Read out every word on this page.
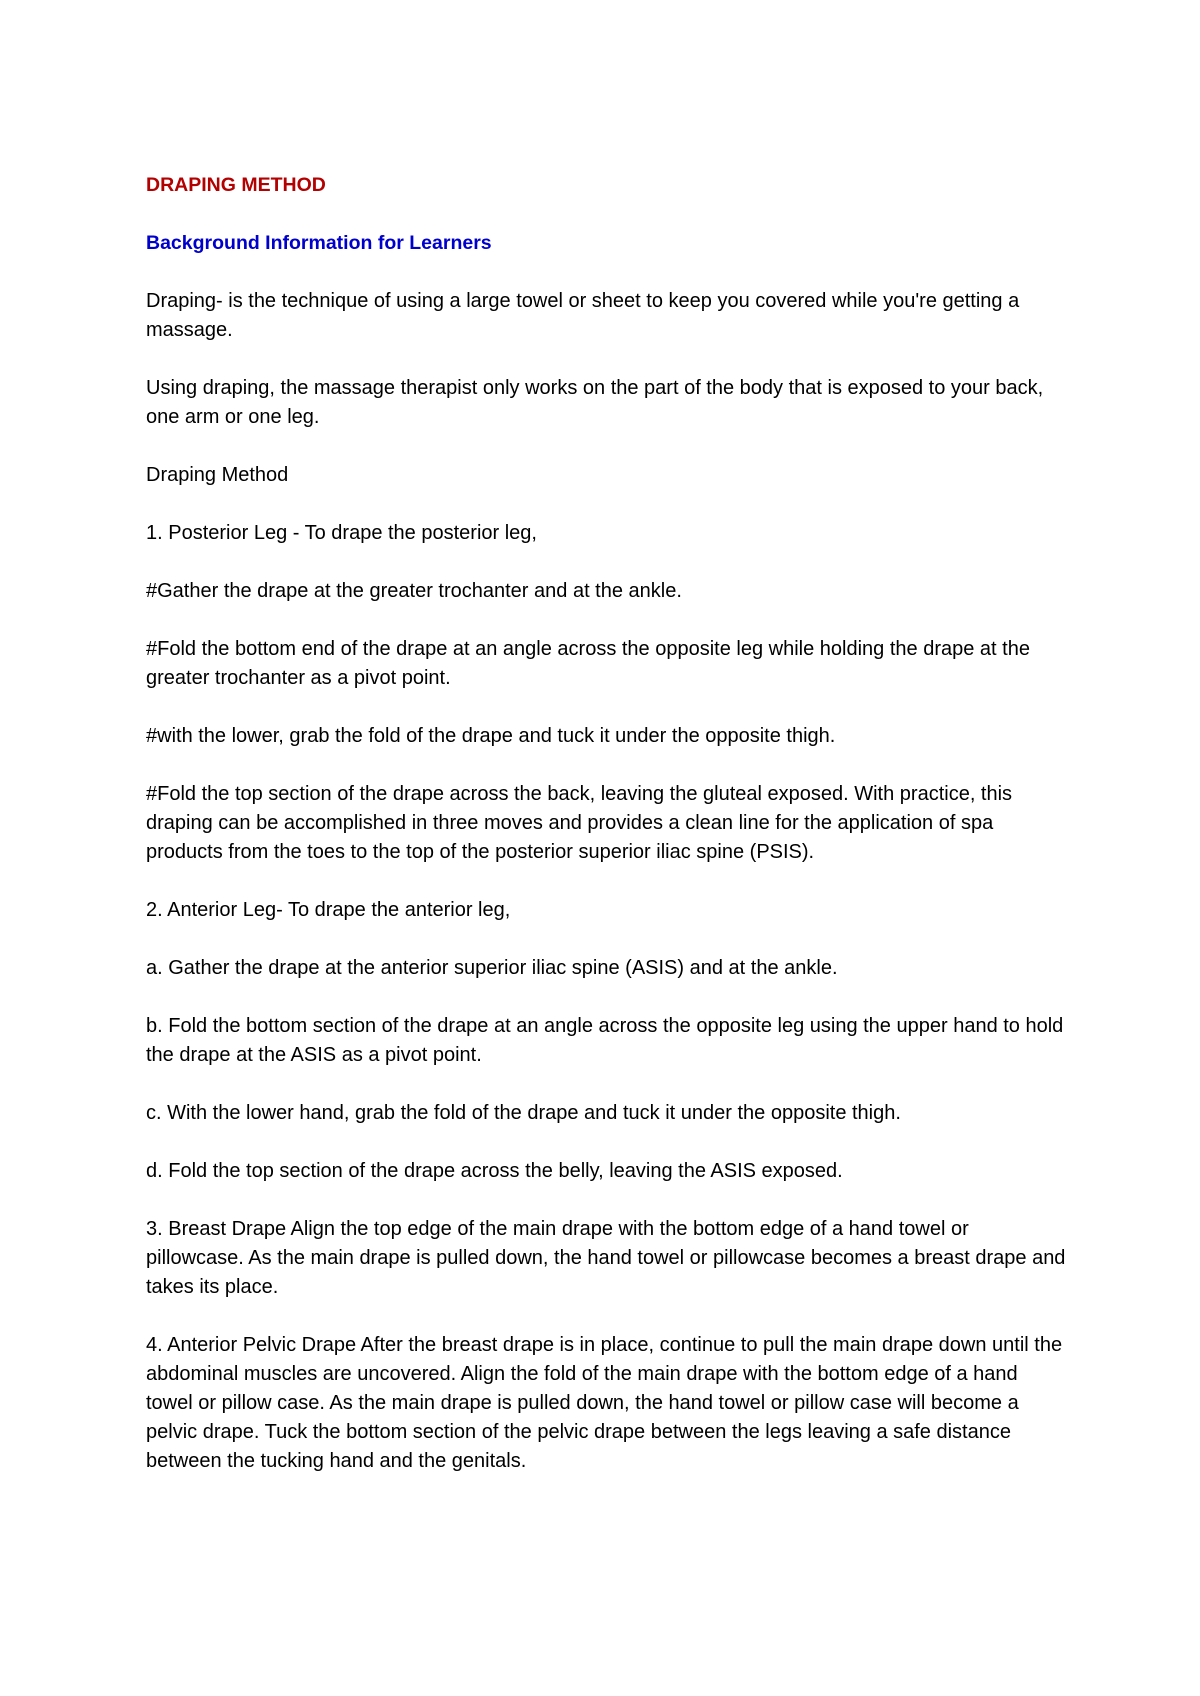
DRAPING METHOD
Background Information for Learners
Draping- is the technique of using a large towel or sheet to keep you covered while you're getting a massage.
Using draping, the massage therapist only works on the part of the body that is exposed to your back, one arm or one leg.
Draping Method
1. Posterior Leg - To drape the posterior leg,
#Gather the drape at the greater trochanter and at the ankle.
#Fold the bottom end of the drape at an angle across the opposite leg while holding the drape at the greater trochanter as a pivot point.
#with the lower, grab the fold of the drape and tuck it under the opposite thigh.
#Fold the top section of the drape across the back, leaving the gluteal exposed. With practice, this draping can be accomplished in three moves and provides a clean line for the application of spa products from the toes to the top of the posterior superior iliac spine (PSIS).
2. Anterior Leg- To drape the anterior leg,
a. Gather the drape at the anterior superior iliac spine (ASIS) and at the ankle.
b. Fold the bottom section of the drape at an angle across the opposite leg using the upper hand to hold the drape at the ASIS as a pivot point.
c. With the lower hand, grab the fold of the drape and tuck it under the opposite thigh.
d. Fold the top section of the drape across the belly, leaving the ASIS exposed.
3. Breast Drape Align the top edge of the main drape with the bottom edge of a hand towel or pillowcase. As the main drape is pulled down, the hand towel or pillowcase becomes a breast drape and takes its place.
4. Anterior Pelvic Drape After the breast drape is in place, continue to pull the main drape down until the abdominal muscles are uncovered. Align the fold of the main drape with the bottom edge of a hand towel or pillow case. As the main drape is pulled down, the hand towel or pillow case will become a pelvic drape. Tuck the bottom section of the pelvic drape between the legs leaving a safe distance between the tucking hand and the genitals.
